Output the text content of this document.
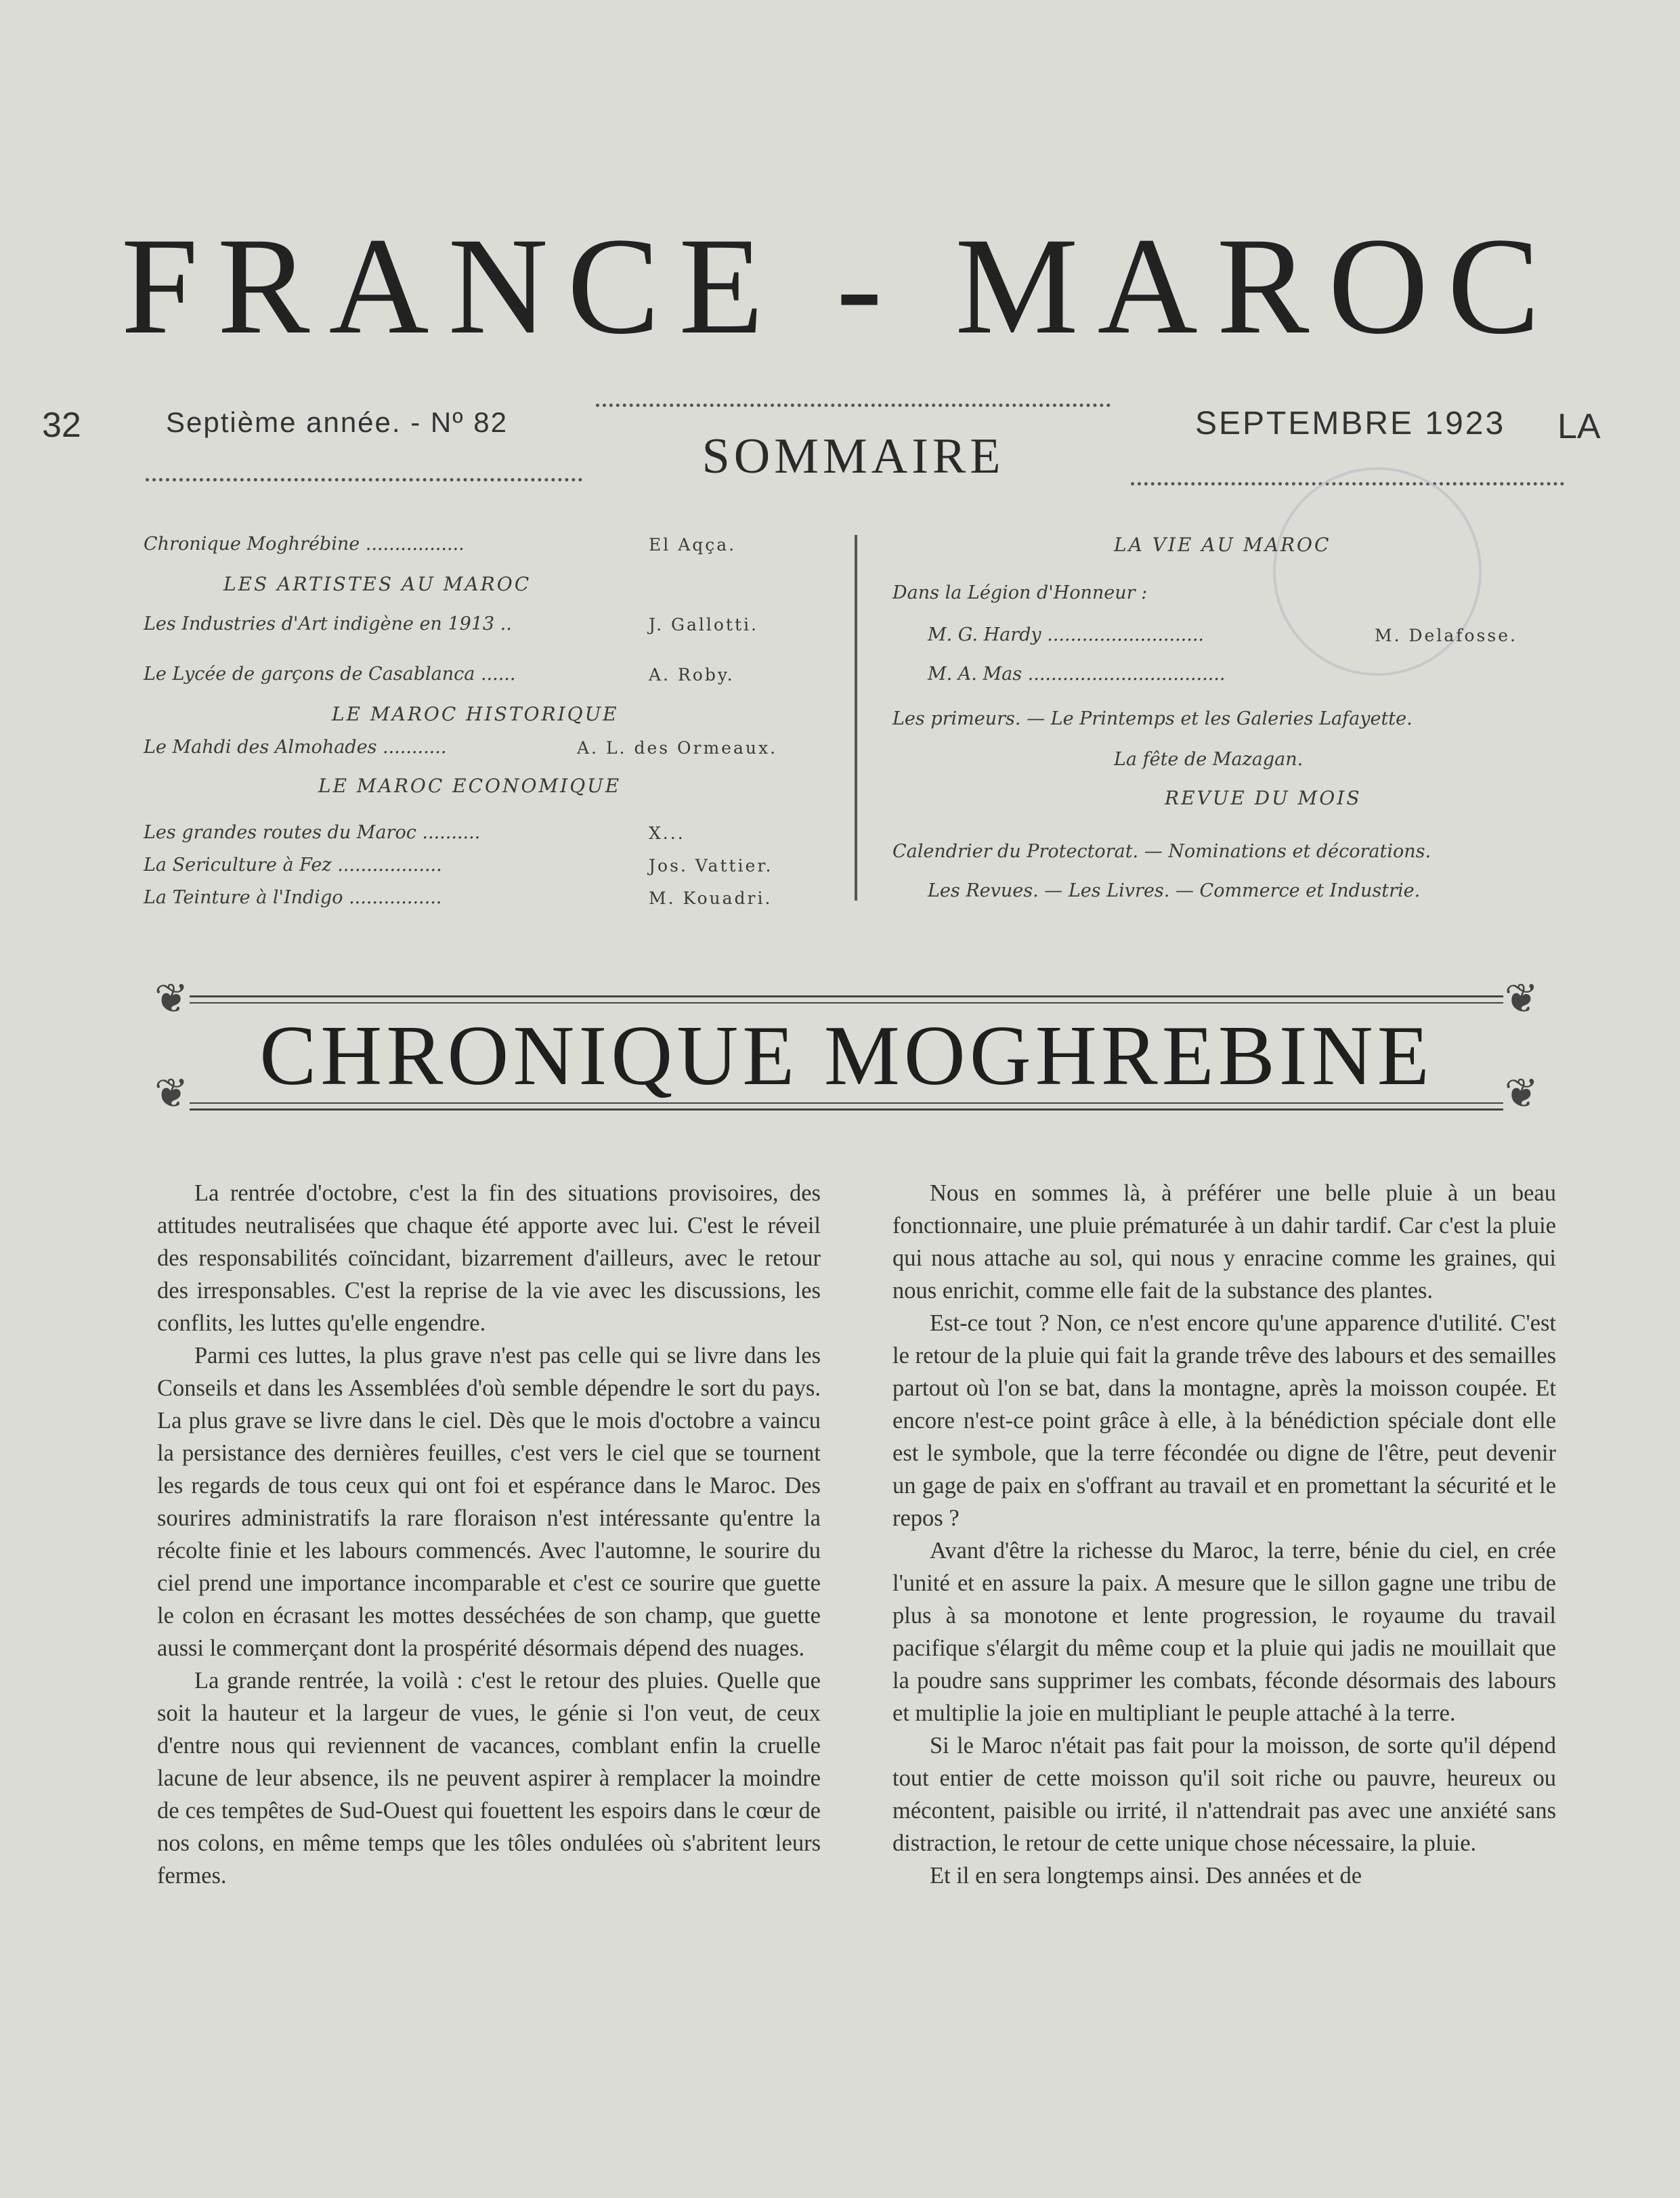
32	LA
FRANCE - MAROC
Septième année. - Nº 82	SEPTEMBRE 1923
SOMMAIRE
Chronique Moghrébine .................	El Aqça.
LES ARTISTES AU MAROC
Les Industries d'Art indigène en 1913 ..	J. Gallotti.
Le Lycée de garçons de Casablanca ......	A. Roby.
LE MAROC HISTORIQUE
Le Mahdi des Almohades ...........	A. L. des Ormeaux.
LE MAROC ECONOMIQUE
Les grandes routes du Maroc ..........	X...
La Sericulture à Fez ..................	Jos. Vattier.
La Teinture à l'Indigo ................	M. Kouadri.
LA VIE AU MAROC
Dans la Légion d'Honneur :
M. G. Hardy ...........................	M. Delafosse.
M. A. Mas ..................................
Les primeurs. — Le Printemps et les Galeries Lafayette.
La fête de Mazagan.
REVUE DU MOIS
Calendrier du Protectorat. — Nominations et décorations.
Les Revues. — Les Livres. — Commerce et Industrie.
❦
❦
❦
❦
CHRONIQUE MOGHREBINE

La rentrée d'octobre, c'est la fin des situations provisoires, des attitudes neutralisées que chaque été apporte avec lui. C'est le réveil des responsabilités coïncidant, bizarrement d'ailleurs, avec le retour des irresponsables. C'est la reprise de la vie avec les discussions, les conflits, les luttes qu'elle engendre.

Parmi ces luttes, la plus grave n'est pas celle qui se livre dans les Conseils et dans les Assemblées d'où semble dépendre le sort du pays. La plus grave se livre dans le ciel. Dès que le mois d'octobre a vaincu la persistance des dernières feuilles, c'est vers le ciel que se tournent les regards de tous ceux qui ont foi et espérance dans le Maroc. Des sourires administratifs la rare floraison n'est intéressante qu'entre la récolte finie et les labours commencés. Avec l'automne, le sourire du ciel prend une importance incomparable et c'est ce sourire que guette le colon en écrasant les mottes desséchées de son champ, que guette aussi le commerçant dont la prospérité désormais dépend des nuages.

La grande rentrée, la voilà : c'est le retour des pluies. Quelle que soit la hauteur et la largeur de vues, le génie si l'on veut, de ceux d'entre nous qui reviennent de vacances, comblant enfin la cruelle lacune de leur absence, ils ne peuvent aspirer à remplacer la moindre de ces tempêtes de Sud-Ouest qui fouettent les espoirs dans le cœur de nos colons, en même temps que les tôles ondulées où s'abritent leurs fermes.

Nous en sommes là, à préférer une belle pluie à un beau fonctionnaire, une pluie prématurée à un dahir tardif. Car c'est la pluie qui nous attache au sol, qui nous y enracine comme les graines, qui nous enrichit, comme elle fait de la substance des plantes.

Est-ce tout ? Non, ce n'est encore qu'une apparence d'utilité. C'est le retour de la pluie qui fait la grande trêve des labours et des semailles partout où l'on se bat, dans la montagne, après la moisson coupée. Et encore n'est-ce point grâce à elle, à la bénédiction spéciale dont elle est le symbole, que la terre fécondée ou digne de l'être, peut devenir un gage de paix en s'offrant au travail et en promettant la sécurité et le repos ?

Avant d'être la richesse du Maroc, la terre, bénie du ciel, en crée l'unité et en assure la paix. A mesure que le sillon gagne une tribu de plus à sa monotone et lente progression, le royaume du travail pacifique s'élargit du même coup et la pluie qui jadis ne mouillait que la poudre sans supprimer les combats, féconde désormais des labours et multiplie la joie en multipliant le peuple attaché à la terre.

Si le Maroc n'était pas fait pour la moisson, de sorte qu'il dépend tout entier de cette moisson qu'il soit riche ou pauvre, heureux ou mécontent, paisible ou irrité, il n'attendrait pas avec une anxiété sans distraction, le retour de cette unique chose nécessaire, la pluie.

Et il en sera longtemps ainsi. Des années et de
